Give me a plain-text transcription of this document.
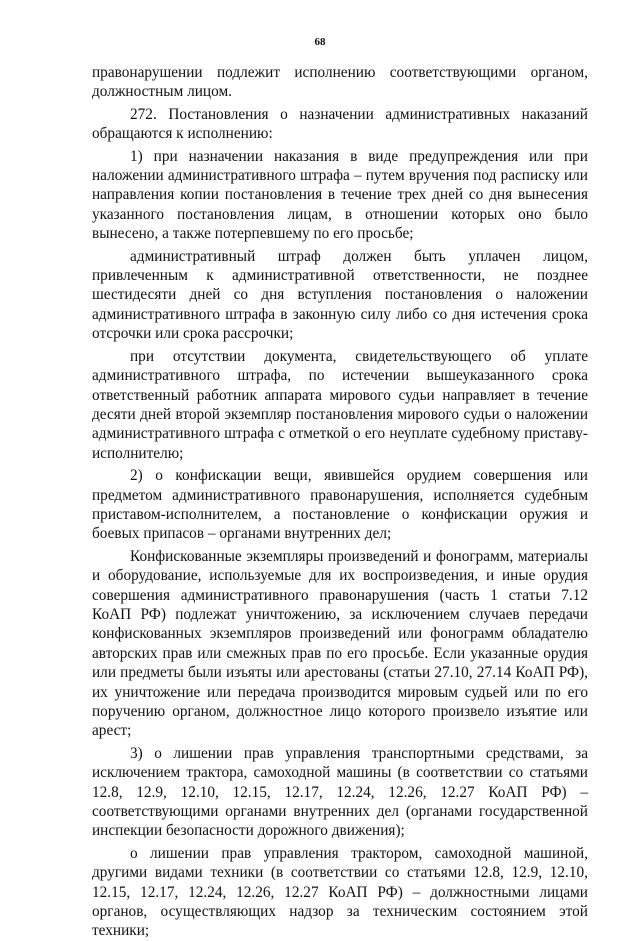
68

правонарушении подлежит исполнению соответствующими органом, должностным лицом.

272. Постановления о назначении административных наказаний обращаются к исполнению:

1) при назначении наказания в виде предупреждения или при наложении административного штрафа – путем вручения под расписку или направления копии постановления в течение трех дней со дня вынесения указанного постановления лицам, в отношении которых оно было вынесено, а также потерпевшему по его просьбе;

административный штраф должен быть уплачен лицом, привлеченным к административной ответственности, не позднее шестидесяти дней со дня вступления постановления о наложении административного штрафа в законную силу либо со дня истечения срока отсрочки или срока рассрочки;

при отсутствии документа, свидетельствующего об уплате административного штрафа, по истечении вышеуказанного срока ответственный работник аппарата мирового судьи направляет в течение десяти дней второй экземпляр постановления мирового судьи о наложении административного штрафа с отметкой о его неуплате судебному приставу-исполнителю;

2) о конфискации вещи, явившейся орудием совершения или предметом административного правонарушения, исполняется судебным приставом-исполнителем, а постановление о конфискации оружия и боевых припасов – органами внутренних дел;

Конфискованные экземпляры произведений и фонограмм, материалы и оборудование, используемые для их воспроизведения, и иные орудия совершения административного правонарушения (часть 1 статьи 7.12 КоАП РФ) подлежат уничтожению, за исключением случаев передачи конфискованных экземпляров произведений или фонограмм обладателю авторских прав или смежных прав по его просьбе. Если указанные орудия или предметы были изъяты или арестованы (статьи 27.10, 27.14 КоАП РФ), их уничтожение или передача производится мировым судьей или по его поручению органом, должностное лицо которого произвело изъятие или арест;

3) о лишении прав управления транспортными средствами, за исключением трактора, самоходной машины (в соответствии со статьями 12.8, 12.9, 12.10, 12.15, 12.17, 12.24, 12.26, 12.27 КоАП РФ) – соответствующими органами внутренних дел (органами государственной инспекции безопасности дорожного движения);

о лишении прав управления трактором, самоходной машиной, другими видами техники (в соответствии со статьями 12.8, 12.9, 12.10, 12.15, 12.17, 12.24, 12.26, 12.27 КоАП РФ) – должностными лицами органов, осуществляющих надзор за техническим состоянием этой техники;
